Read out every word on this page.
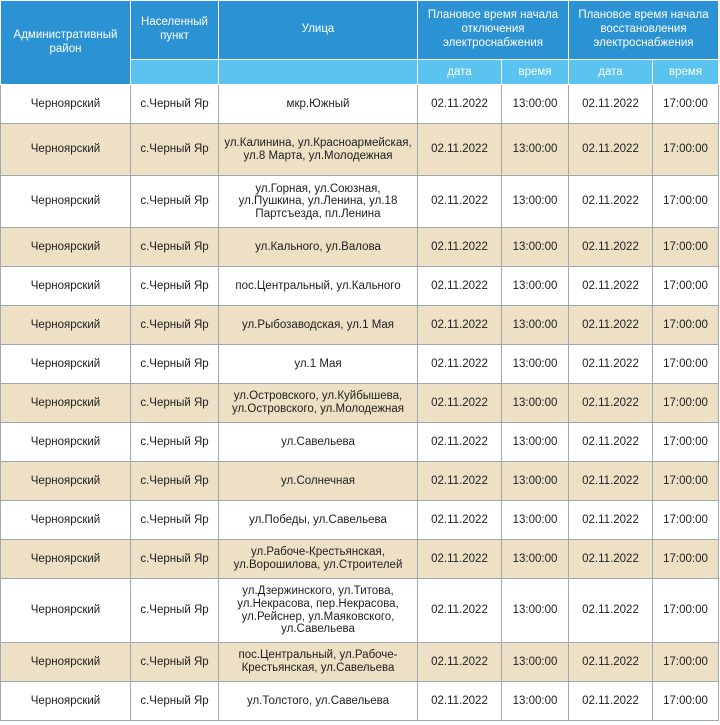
Административный район	Населенный пункт	Улица	Плановое время начала отключения электроснабжения		Плановое время начала восстановления электроснабжения	
			дата	время	дата	время
Черноярский	с.Черный Яр	мкр.Южный	02.11.2022	13:00:00	02.11.2022	17:00:00
Черноярский	с.Черный Яр	ул.Калинина, ул.Красноармейская, ул.8 Марта, ул.Молодежная	02.11.2022	13:00:00	02.11.2022	17:00:00
Черноярский	с.Черный Яр	ул.Горная, ул.Союзная, ул.Пушкина, ул.Ленина, ул.18 Партсъезда, пл.Ленина	02.11.2022	13:00:00	02.11.2022	17:00:00
Черноярский	с.Черный Яр	ул.Кального, ул.Валова	02.11.2022	13:00:00	02.11.2022	17:00:00
Черноярский	с.Черный Яр	пос.Центральный, ул.Кального	02.11.2022	13:00:00	02.11.2022	17:00:00
Черноярский	с.Черный Яр	ул.Рыбозаводская, ул.1 Мая	02.11.2022	13:00:00	02.11.2022	17:00:00
Черноярский	с.Черный Яр	ул.1 Мая	02.11.2022	13:00:00	02.11.2022	17:00:00
Черноярский	с.Черный Яр	ул.Островского, ул.Куйбышева, ул.Островского, ул.Молодежная	02.11.2022	13:00:00	02.11.2022	17:00:00
Черноярский	с.Черный Яр	ул.Савельева	02.11.2022	13:00:00	02.11.2022	17:00:00
Черноярский	с.Черный Яр	ул.Солнечная	02.11.2022	13:00:00	02.11.2022	17:00:00
Черноярский	с.Черный Яр	ул.Победы, ул.Савельева	02.11.2022	13:00:00	02.11.2022	17:00:00
Черноярский	с.Черный Яр	ул.Рабоче-Крестьянская, ул.Ворошилова, ул.Строителей	02.11.2022	13:00:00	02.11.2022	17:00:00
Черноярский	с.Черный Яр	ул.Дзержинского, ул.Титова, ул.Некрасова, пер.Некрасова, ул.Рейснер, ул.Маяковского, ул.Савельева	02.11.2022	13:00:00	02.11.2022	17:00:00
Черноярский	с.Черный Яр	пос.Центральный, ул.Рабоче-Крестьянская, ул.Савельева	02.11.2022	13:00:00	02.11.2022	17:00:00
Черноярский	с.Черный Яр	ул.Толстого, ул.Савельева	02.11.2022	13:00:00	02.11.2022	17:00:00
